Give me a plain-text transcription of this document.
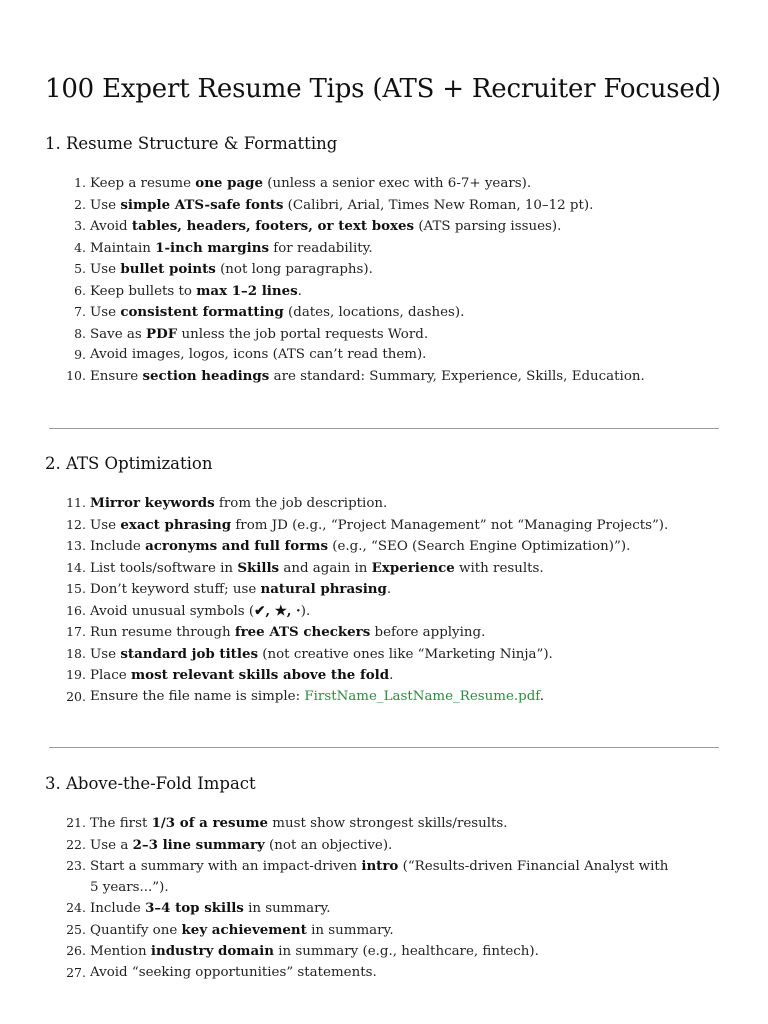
100 Expert Resume Tips (ATS + Recruiter Focused)
1. Resume Structure & Formatting
1. Keep a resume one page (unless a senior exec with 6-7+ years).
2. Use simple ATS-safe fonts (Calibri, Arial, Times New Roman, 10–12 pt).
3. Avoid tables, headers, footers, or text boxes (ATS parsing issues).
4. Maintain 1-inch margins for readability.
5. Use bullet points (not long paragraphs).
6. Keep bullets to max 1–2 lines.
7. Use consistent formatting (dates, locations, dashes).
8. Save as PDF unless the job portal requests Word.
9. Avoid images, logos, icons (ATS can’t read them).
10. Ensure section headings are standard: Summary, Experience, Skills, Education.
2. ATS Optimization
11. Mirror keywords from the job description.
12. Use exact phrasing from JD (e.g., “Project Management” not “Managing Projects”).
13. Include acronyms and full forms (e.g., “SEO (Search Engine Optimization)”).
14. List tools/software in Skills and again in Experience with results.
15. Don’t keyword stuff; use natural phrasing.
16. Avoid unusual symbols (✔, ★, ·).
17. Run resume through free ATS checkers before applying.
18. Use standard job titles (not creative ones like “Marketing Ninja”).
19. Place most relevant skills above the fold.
20. Ensure the file name is simple: FirstName_LastName_Resume.pdf.
3. Above-the-Fold Impact
21. The first 1/3 of a resume must show strongest skills/results.
22. Use a 2–3 line summary (not an objective).
23. Start a summary with an impact-driven intro (“Results-driven Financial Analyst with 5 years...”).
24. Include 3–4 top skills in summary.
25. Quantify one key achievement in summary.
26. Mention industry domain in summary (e.g., healthcare, fintech).
27. Avoid “seeking opportunities” statements.
